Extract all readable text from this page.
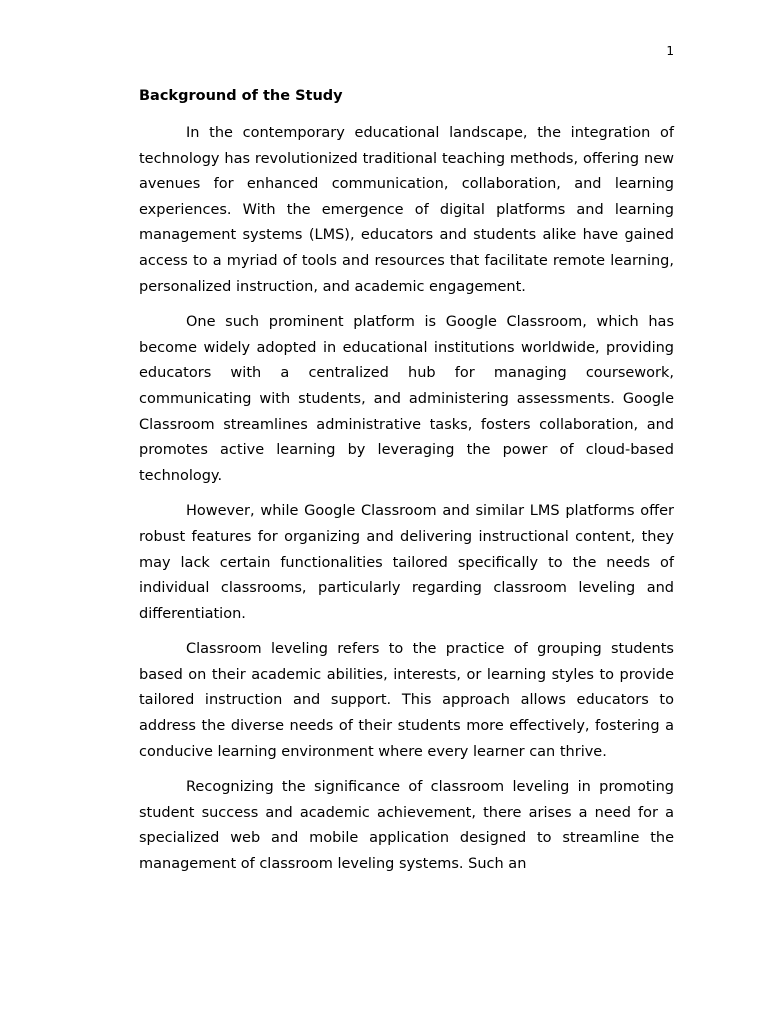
1
Background of the Study

In the contemporary educational landscape, the integration of technology has revolutionized traditional teaching methods, offering new avenues for enhanced communication, collaboration, and learning experiences. With the emergence of digital platforms and learning management systems (LMS), educators and students alike have gained access to a myriad of tools and resources that facilitate remote learning, personalized instruction, and academic engagement.

One such prominent platform is Google Classroom, which has become widely adopted in educational institutions worldwide, providing educators with a centralized hub for managing coursework, communicating with students, and administering assessments. Google Classroom streamlines administrative tasks, fosters collaboration, and promotes active learning by leveraging the power of cloud-based technology.

However, while Google Classroom and similar LMS platforms offer robust features for organizing and delivering instructional content, they may lack certain functionalities tailored specifically to the needs of individual classrooms, particularly regarding classroom leveling and differentiation.

Classroom leveling refers to the practice of grouping students based on their academic abilities, interests, or learning styles to provide tailored instruction and support. This approach allows educators to address the diverse needs of their students more effectively, fostering a conducive learning environment where every learner can thrive.

Recognizing the significance of classroom leveling in promoting student success and academic achievement, there arises a need for a specialized web and mobile application designed to streamline the management of classroom leveling systems. Such an
